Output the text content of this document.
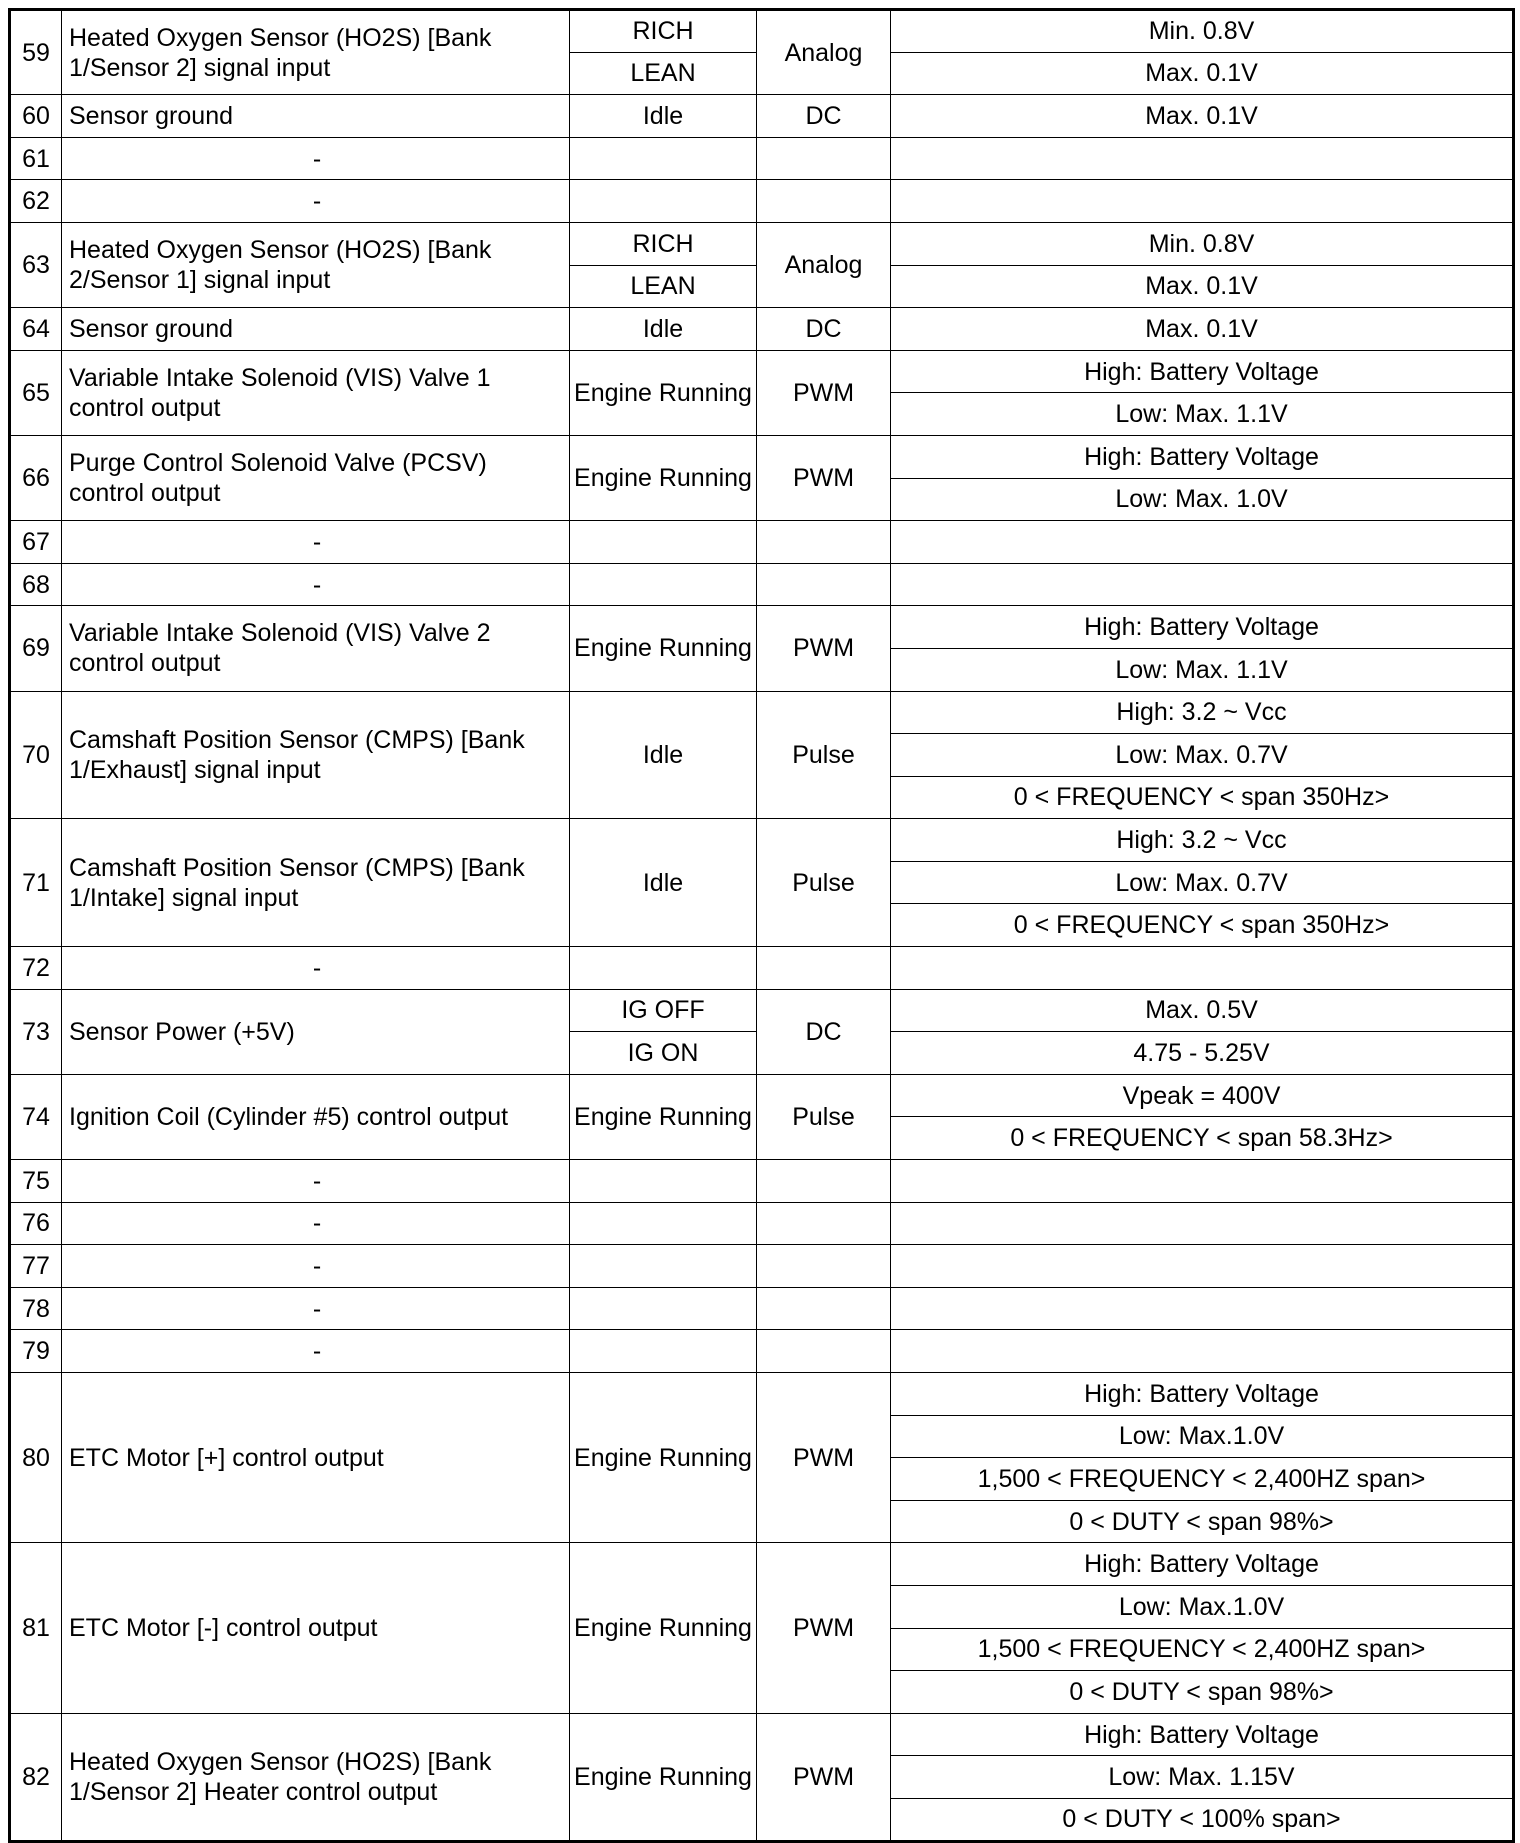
59	Heated Oxygen Sensor (HO2S) [Bank 1/Sensor 2] signal input	RICH	Analog	Min. 0.8V
		LEAN		Max. 0.1V
60	Sensor ground	Idle	DC	Max. 0.1V
61	-			
62	-			
63	Heated Oxygen Sensor (HO2S) [Bank 2/Sensor 1] signal input	RICH	Analog	Min. 0.8V
		LEAN		Max. 0.1V
64	Sensor ground	Idle	DC	Max. 0.1V
65	Variable Intake Solenoid (VIS) Valve 1 control output	Engine Running	PWM	High: Battery Voltage
				Low: Max. 1.1V
66	Purge Control Solenoid Valve (PCSV) control output	Engine Running	PWM	High: Battery Voltage
				Low: Max. 1.0V
67	-			
68	-			
69	Variable Intake Solenoid (VIS) Valve 2 control output	Engine Running	PWM	High: Battery Voltage
				Low: Max. 1.1V
70	Camshaft Position Sensor (CMPS) [Bank 1/Exhaust] signal input	Idle	Pulse	High: 3.2 ~ Vcc
				Low: Max. 0.7V
				0 < FREQUENCY < span 350Hz>
71	Camshaft Position Sensor (CMPS) [Bank 1/Intake] signal input	Idle	Pulse	High: 3.2 ~ Vcc
				Low: Max. 0.7V
				0 < FREQUENCY < span 350Hz>
72	-			
73	Sensor Power (+5V)	IG OFF	DC	Max. 0.5V
		IG ON		4.75 - 5.25V
74	Ignition Coil (Cylinder #5) control output	Engine Running	Pulse	Vpeak = 400V
				0 < FREQUENCY < span 58.3Hz>
75	-			
76	-			
77	-			
78	-			
79	-			
80	ETC Motor [+] control output	Engine Running	PWM	High: Battery Voltage
				Low: Max.1.0V
				1,500 < FREQUENCY < 2,400HZ span>
				0 < DUTY < span 98%>
81	ETC Motor [-] control output	Engine Running	PWM	High: Battery Voltage
				Low: Max.1.0V
				1,500 < FREQUENCY < 2,400HZ span>
				0 < DUTY < span 98%>
82	Heated Oxygen Sensor (HO2S) [Bank 1/Sensor 2] Heater control output	Engine Running	PWM	High: Battery Voltage
				Low: Max. 1.15V
				0 < DUTY < 100% span>
